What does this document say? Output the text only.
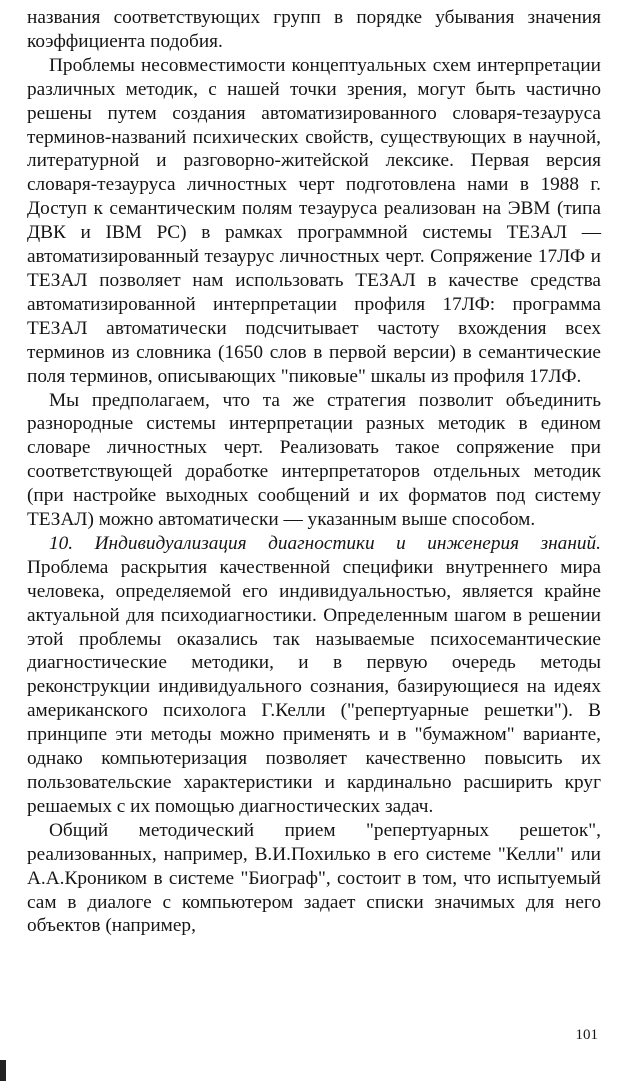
названия соответствующих групп в порядке убывания значения коэффициента подобия.

Проблемы несовместимости концептуальных схем интерпретации различных методик, с нашей точки зрения, могут быть частично решены путем создания автоматизированного словаря-тезауруса терминов-названий психических свойств, существующих в научной, литературной и разговорно-житейской лексике. Первая версия словаря-тезауруса личностных черт подготовлена нами в 1988 г. Доступ к семантическим полям тезауруса реализован на ЭВМ (типа ДВК и IBM PC) в рамках программной системы ТЕЗАЛ — автоматизированный тезаурус личностных черт. Сопряжение 17ЛФ и ТЕЗАЛ позволяет нам использовать ТЕЗАЛ в качестве средства автоматизированной интерпретации профиля 17ЛФ: программа ТЕЗАЛ автоматически подсчитывает частоту вхождения всех терминов из словника (1650 слов в первой версии) в семантические поля терминов, описывающих "пиковые" шкалы из профиля 17ЛФ.

Мы предполагаем, что та же стратегия позволит объединить разнородные системы интерпретации разных методик в едином словаре личностных черт. Реализовать такое сопряжение при соответствующей доработке интерпретаторов отдельных методик (при настройке выходных сообщений и их форматов под систему ТЕЗАЛ) можно автоматически — указанным выше способом.

10. Индивидуализация диагностики и инженерия знаний. Проблема раскрытия качественной специфики внутреннего мира человека, определяемой его индивидуальностью, является крайне актуальной для психодиагностики. Определенным шагом в решении этой проблемы оказались так называемые психосемантические диагностические методики, и в первую очередь методы реконструкции индивидуального сознания, базирующиеся на идеях американского психолога Г.Келли ("репертуарные решетки"). В принципе эти методы можно применять и в "бумажном" варианте, однако компьютеризация позволяет качественно повысить их пользовательские характеристики и кардинально расширить круг решаемых с их помощью диагностических задач.

Общий методический прием "репертуарных решеток", реализованных, например, В.И.Похилько в его системе "Келли" или А.А.Кроником в системе "Биограф", состоит в том, что испытуемый сам в диалоге с компьютером задает списки значимых для него объектов (например,

101
